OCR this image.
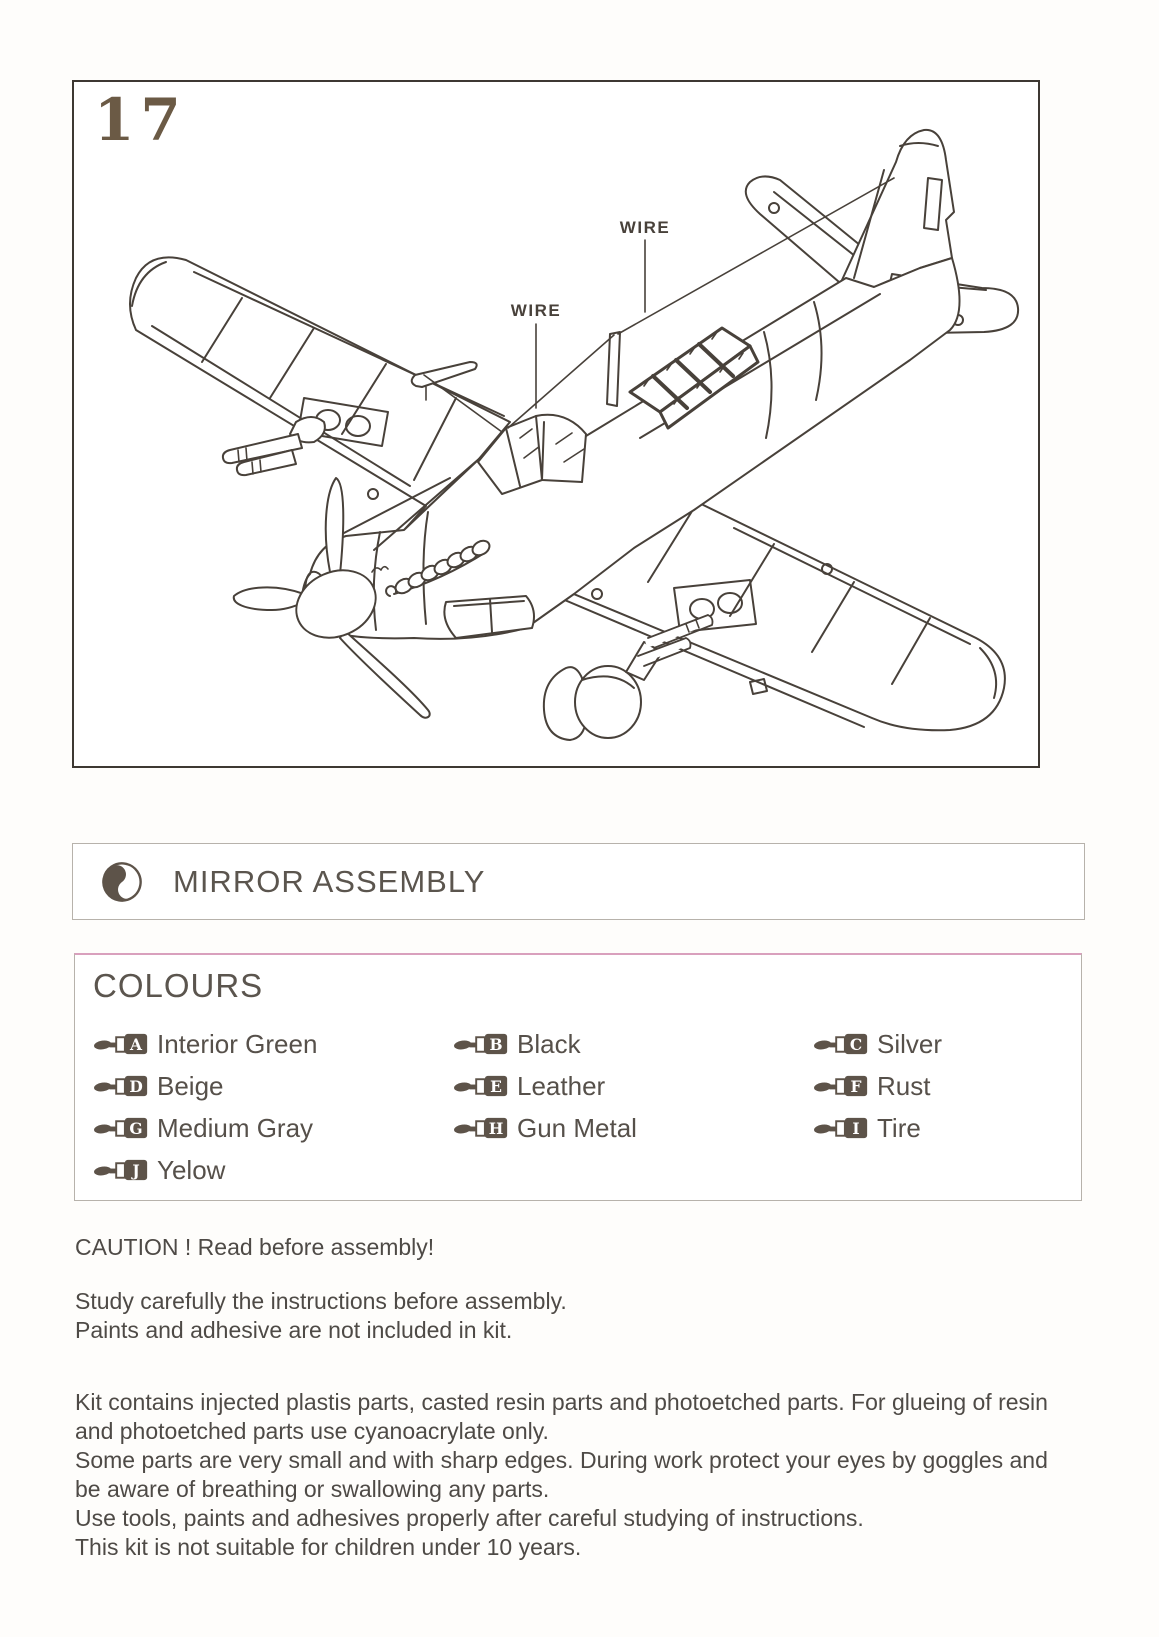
WIRE
WIRE
17
MIRROR ASSEMBLY
COLOURS
A Interior Green	B Black	C Silver
D Beige	E Leather	F Rust
G Medium Gray	H Gun Metal	I Tire
J Yelow

CAUTION ! Read before assembly!

Study carefully the instructions before assembly.
Paints and adhesive are not included in kit.

Kit contains injected plastis parts, casted resin parts and photoetched parts. For glueing of resin
and photoetched parts use cyanoacrylate only.
Some parts are very small and with sharp edges. During work protect your eyes by goggles and
be aware of breathing or swallowing any parts.
Use tools, paints and adhesives properly after careful studying of instructions.
This kit is not suitable for children under 10 years.
